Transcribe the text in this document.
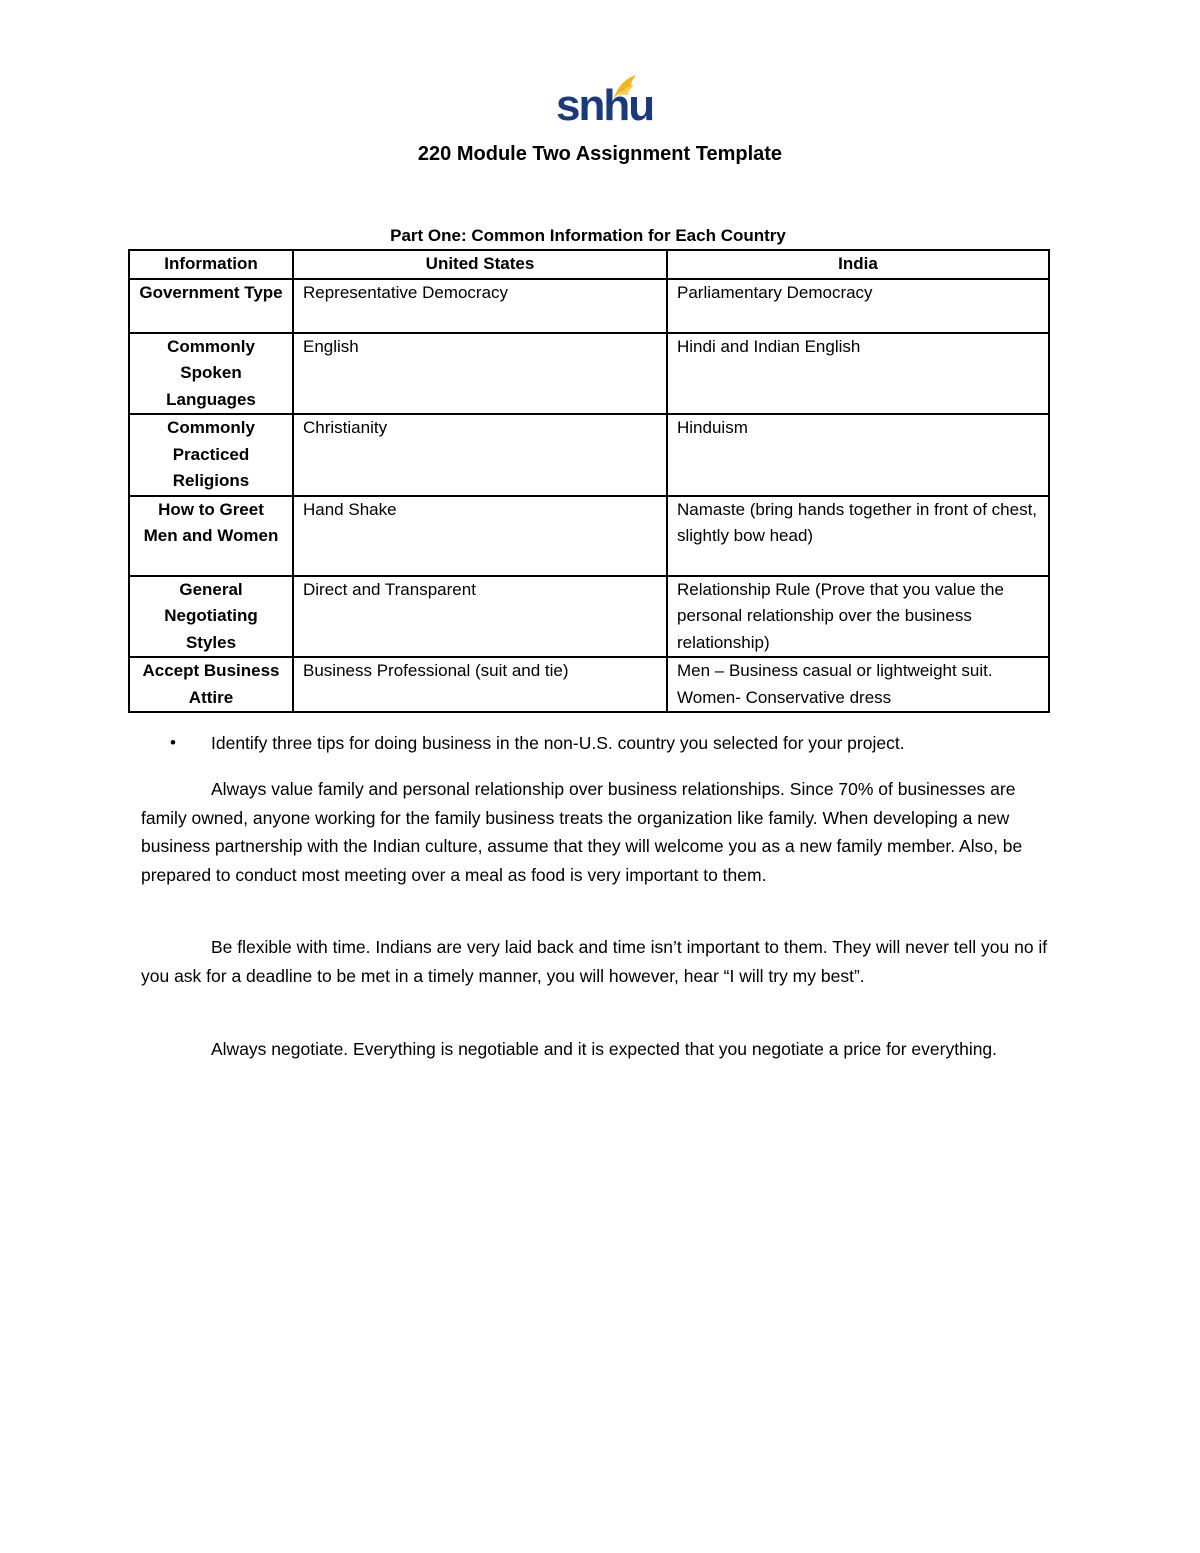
snhu
220 Module Two Assignment Template
Part One: Common Information for Each Country
Information	United States	India
Government Type	Representative Democracy	Parliamentary Democracy
Commonly Spoken Languages	English	Hindi and Indian English
Commonly Practiced Religions	Christianity	Hinduism
How to Greet Men and Women	Hand Shake	Namaste (bring hands together in front of chest, slightly bow head)
General Negotiating Styles	Direct and Transparent	Relationship Rule (Prove that you value the personal relationship over the business relationship)
Accept Business Attire	Business Professional (suit and tie)	Men – Business casual or lightweight suit. Women- Conservative dress
• Identify three tips for doing business in the non-U.S. country you selected for your project.

Always value family and personal relationship over business relationships. Since 70% of businesses are family owned, anyone working for the family business treats the organization like family. When developing a new business partnership with the Indian culture, assume that they will welcome you as a new family member. Also, be prepared to conduct most meeting over a meal as food is very important to them.

Be flexible with time. Indians are very laid back and time isn’t important to them. They will never tell you no if you ask for a deadline to be met in a timely manner, you will however, hear “I will try my best”.

Always negotiate. Everything is negotiable and it is expected that you negotiate a price for everything.
